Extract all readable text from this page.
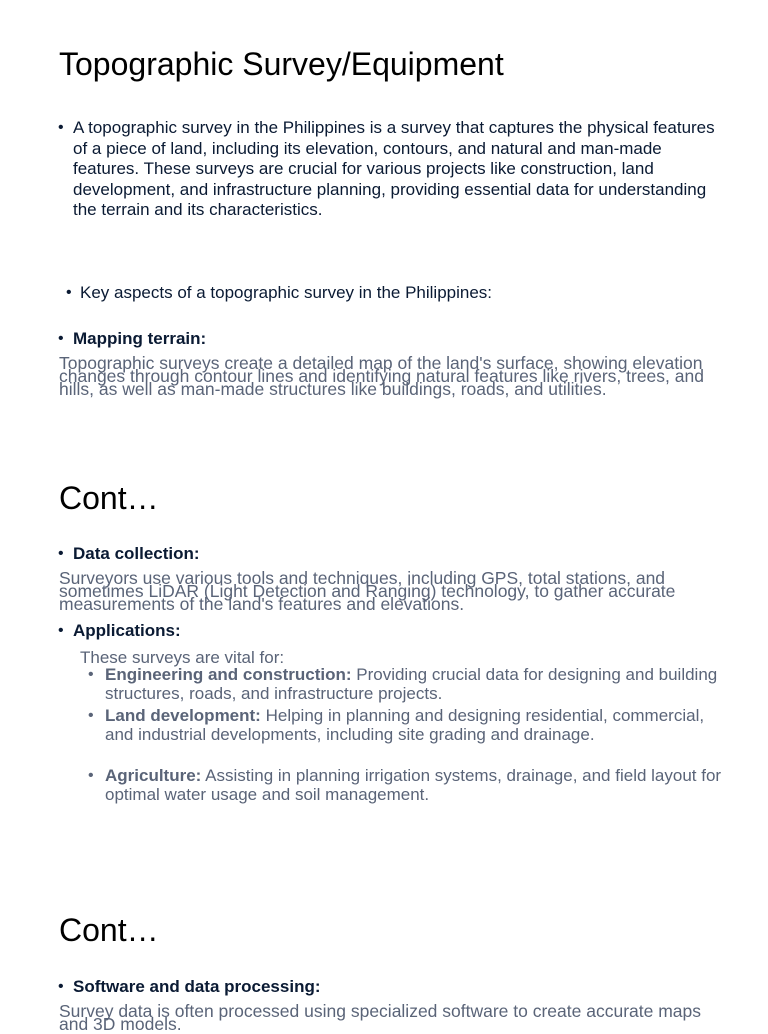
Topographic Survey/Equipment
• A topographic survey in the Philippines is a survey that captures the physical features of a piece of land, including its elevation, contours, and natural and man-made features. These surveys are crucial for various projects like construction, land development, and infrastructure planning, providing essential data for understanding the terrain and its characteristics.
• Key aspects of a topographic survey in the Philippines:
• Mapping terrain:
Topographic surveys create a detailed map of the land's surface, showing elevation changes through contour lines and identifying natural features like rivers, trees, and hills, as well as man-made structures like buildings, roads, and utilities.
Cont…
• Data collection:
Surveyors use various tools and techniques, including GPS, total stations, and sometimes LiDAR (Light Detection and Ranging) technology, to gather accurate measurements of the land's features and elevations.
• Applications:
These surveys are vital for:
• Engineering and construction: Providing crucial data for designing and building structures, roads, and infrastructure projects.
• Land development: Helping in planning and designing residential, commercial, and industrial developments, including site grading and drainage.
• Agriculture: Assisting in planning irrigation systems, drainage, and field layout for optimal water usage and soil management.
Cont…
• Software and data processing:
Survey data is often processed using specialized software to create accurate maps and 3D models.
